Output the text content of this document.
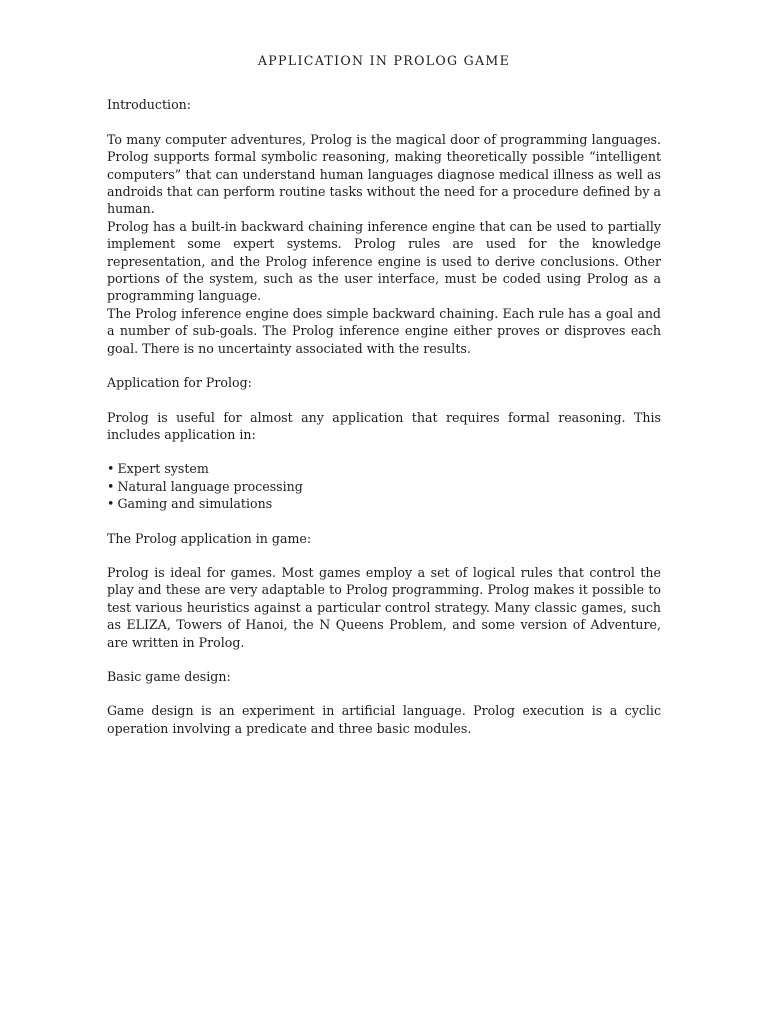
APPLICATION IN PROLOG GAME
Introduction:

To many computer adventures, Prolog is the magical door of programming languages. Prolog supports formal symbolic reasoning, making theoretically possible “intelligent computers” that can understand human languages diagnose medical illness as well as androids that can perform routine tasks without the need for a procedure defined by a human.

Prolog has a built-in backward chaining inference engine that can be used to partially implement some expert systems. Prolog rules are used for the knowledge representation, and the Prolog inference engine is used to derive conclusions. Other portions of the system, such as the user interface, must be coded using Prolog as a programming language.

The Prolog inference engine does simple backward chaining. Each rule has a goal and a number of sub-goals. The Prolog inference engine either proves or disproves each goal. There is no uncertainty associated with the results.

Application for Prolog:

Prolog is useful for almost any application that requires formal reasoning. This includes application in:

• Expert system
• Natural language processing
• Gaming and simulations
The Prolog application in game:

Prolog is ideal for games. Most games employ a set of logical rules that control the play and these are very adaptable to Prolog programming. Prolog makes it possible to test various heuristics against a particular control strategy. Many classic games, such as ELIZA, Towers of Hanoi, the N Queens Problem, and some version of Adventure, are written in Prolog.

Basic game design:

Game design is an experiment in artificial language. Prolog execution is a cyclic operation involving a predicate and three basic modules.
